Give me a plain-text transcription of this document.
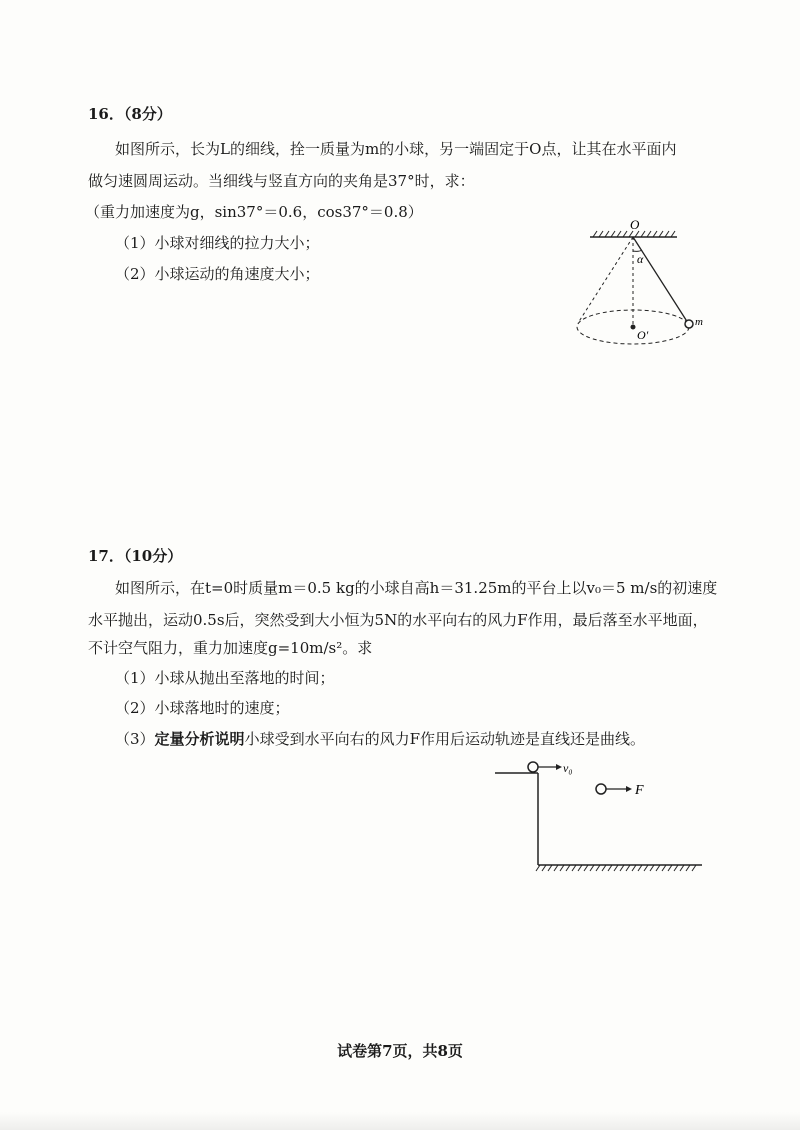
16．（8分）
如图所示，长为L的细线，拴一质量为m的小球，另一端固定于O点，让其在水平面内
做匀速圆周运动。当细线与竖直方向的夹角是37°时，求：
（重力加速度为g，sin37°＝0.6，cos37°＝0.8）
（1）小球对细线的拉力大小；
（2）小球运动的角速度大小；
O
α
O′
m
17．（10分）
如图所示，在t=0时质量m＝0.5 kg的小球自高h＝31.25m的平台上以v₀＝5 m/s的初速度
水平抛出，运动0.5s后，突然受到大小恒为5N的水平向右的风力F作用，最后落至水平地面，
不计空气阻力，重力加速度g=10m/s²。求
（1）小球从抛出至落地的时间；
（2）小球落地时的速度；
（3）定量分析说明小球受到水平向右的风力F作用后运动轨迹是直线还是曲线。
v₀
F
试卷第7页，共8页
